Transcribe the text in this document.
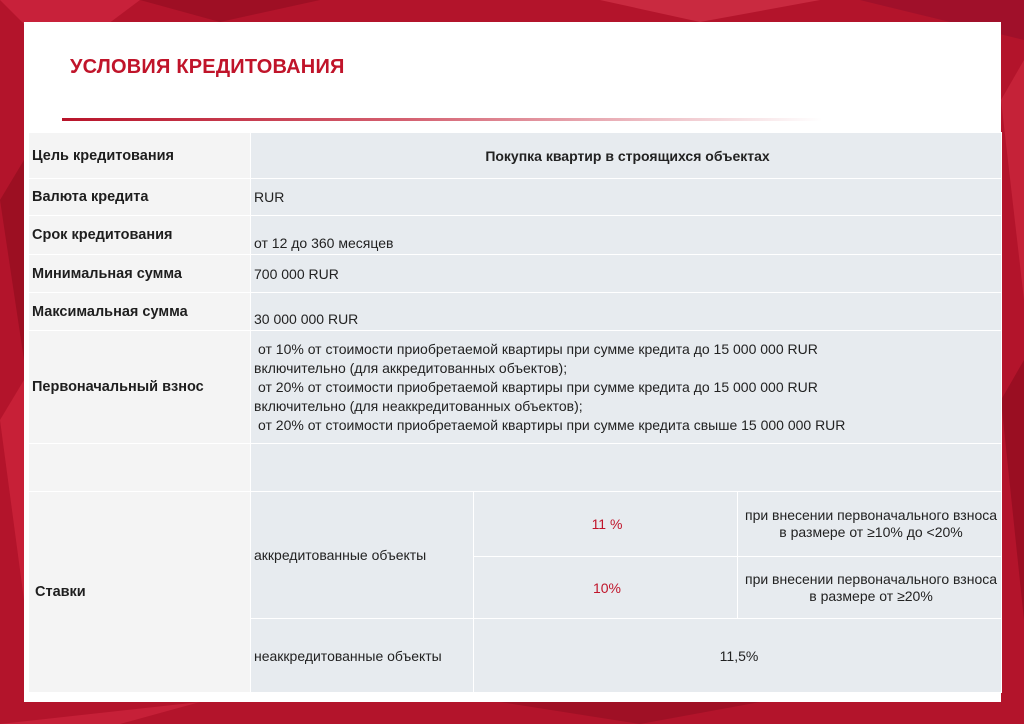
УСЛОВИЯ КРЕДИТОВАНИЯ
Цель кредитования	Покупка квартир в строящихся объектах		
Валюта кредита	RUR		
Срок кредитования	от 12 до 360 месяцев		
Минимальная сумма	700 000 RUR		
Максимальная сумма	30 000 000 RUR		
Первоначальный взнос	от 10% от стоимости приобретаемой квартиры при сумме кредита до 15 000 000 RUR
включительно (для аккредитованных объектов);
от 20% от стоимости приобретаемой квартиры при сумме кредита до 15 000 000 RUR
включительно (для неаккредитованных объектов);
от 20% от стоимости приобретаемой квартиры при сумме кредита свыше 15 000 000 RUR		

Ставки	аккредитованные объекты	11 %	при внесении первоначального взноса в размере от ≥10% до <20%
		10%	при внесении первоначального взноса в размере от ≥20%
	неаккредитованные объекты	11,5%	
